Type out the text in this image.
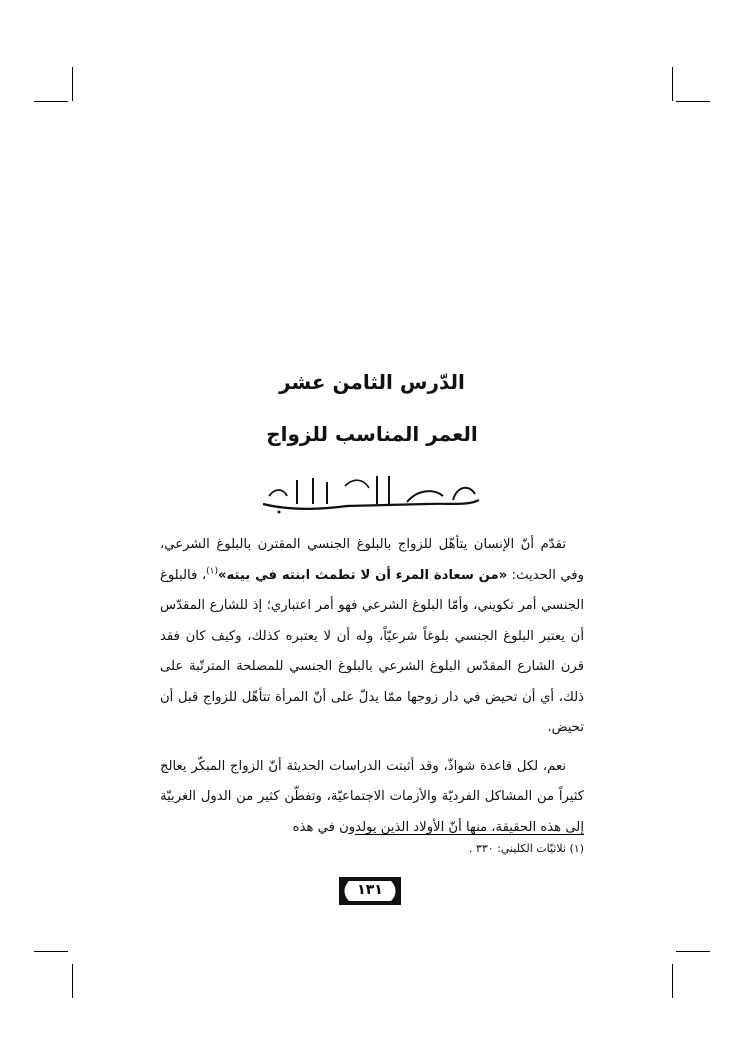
الدّرس الثامن عشر
العمر المناسب للزواج

تقدّم أنّ الإنسان يتأهّل للزواج بالبلوغ الجنسي المقترن بالبلوغ الشرعي، وفي الحديث: «من سعادة المرء أن لا تطمث ابنته في بيته»$^{(١)}$، فالبلوغ الجنسي أمر تكويني، وأمّا البلوغ الشرعي فهو أمر اعتباري؛ إذ للشارع المقدّس أن يعتبر البلوغ الجنسي بلوغاً شرعيّاً، وله أن لا يعتبره كذلك، وكيف كان فقد قرن الشارع المقدّس البلوغ الشرعي بالبلوغ الجنسي للمصلحة المترتّبة على ذلك، أي أن تحيض في دار زوجها ممّا يدلّ على أنّ المرأة تتأهّل للزواج قبل أن تحيض.

نعم، لكل قاعدة شواذّ، وقد أثبتت الدراسات الحديثة أنّ الزواج المبكّر يعالج كثيراً من المشاكل الفرديّة والأزمات الاجتماعيّة، وتفطّن كثير من الدول الغربيّة إلى هذه الحقيقة، منها أنّ الأولاد الذين يولدون في هذه

(١) ثلاثيّات الكليني: ٣٣٠ .
١٣١
